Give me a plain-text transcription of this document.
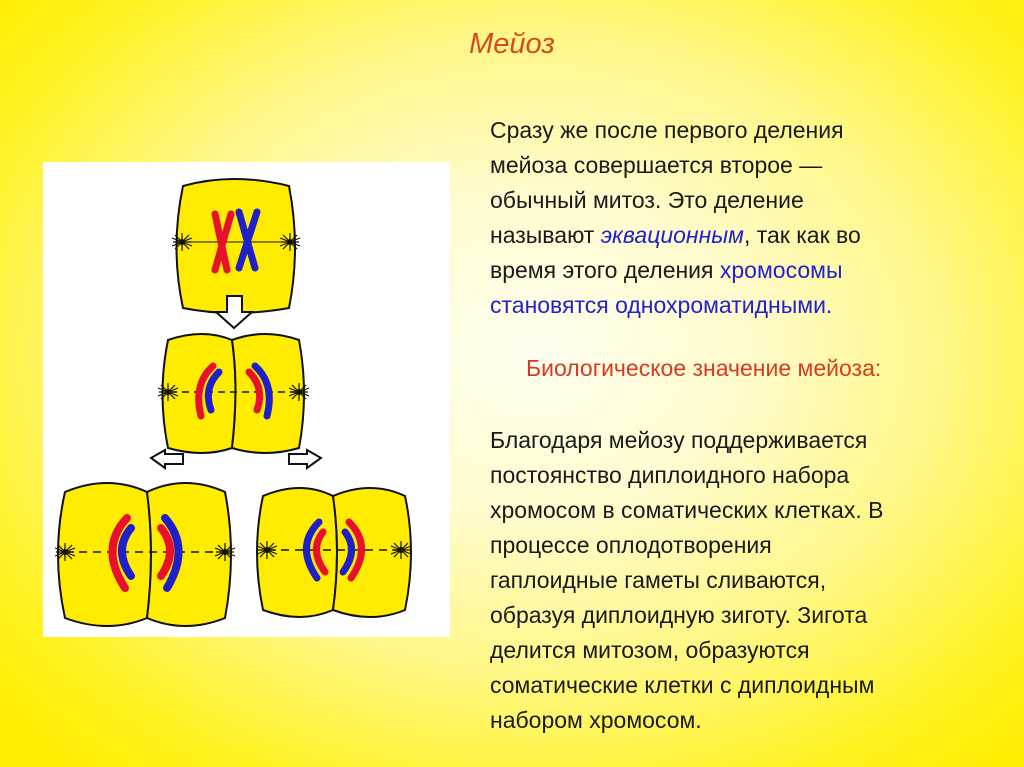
Мейоз
Сразу же после первого деления
мейоза совершается второе —
обычный митоз. Это деление
называют эквационным, так как во
время этого деления хромосомы
становятся однохроматидными.
Биологическое значение мейоза:
Благодаря мейозу поддерживается
постоянство диплоидного набора
хромосом в соматических клетках. В
процессе оплодотворения
гаплоидные гаметы сливаются,
образуя диплоидную зиготу. Зигота
делится митозом, образуются
соматические клетки с диплоидным
набором хромосом.
